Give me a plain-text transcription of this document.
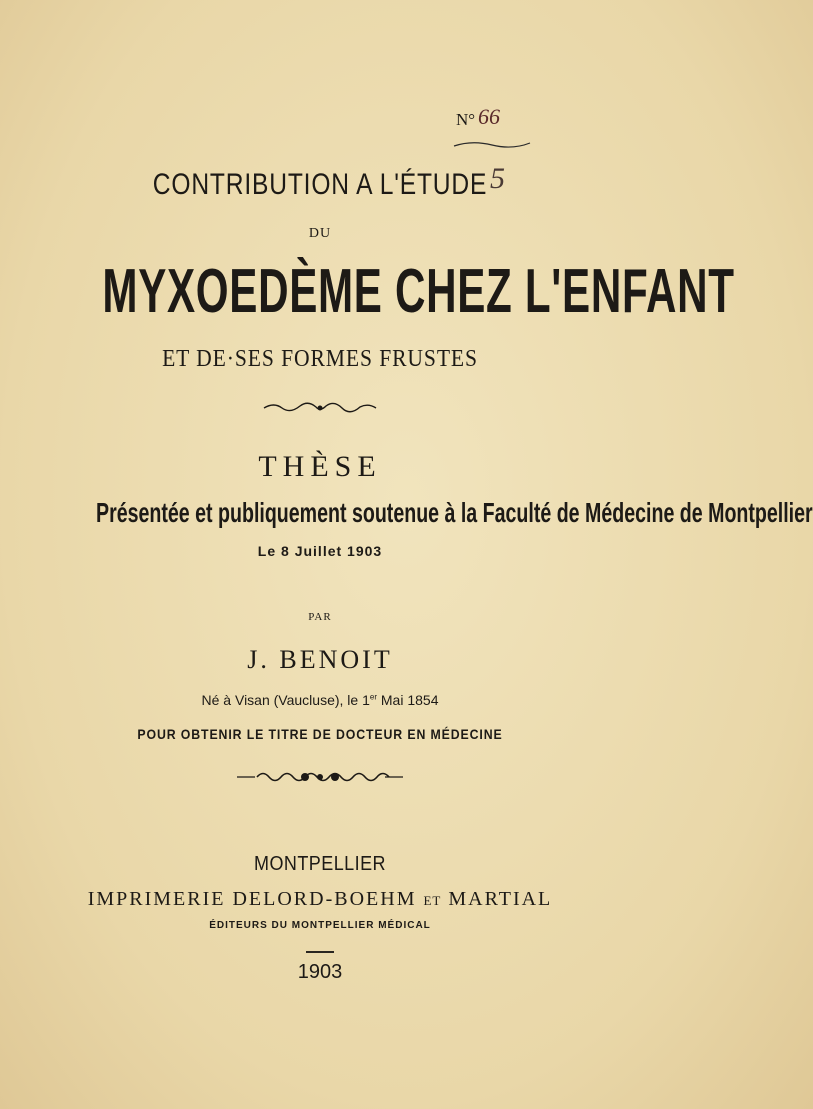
N° 66
5
CONTRIBUTION A L'ÉTUDE
DU
MYXOEDÈME CHEZ L'ENFANT
ET DE·SES FORMES FRUSTES
THÈSE
Présentée et publiquement soutenue à la Faculté de Médecine de Montpellier
Le 8 Juillet 1903
PAR
J. BENOIT
Né à Visan (Vaucluse), le 1er Mai 1854
POUR OBTENIR LE TITRE DE DOCTEUR EN MÉDECINE
MONTPELLIER
IMPRIMERIE DELORD-BOEHM ET MARTIAL
ÉDITEURS DU MONTPELLIER MÉDICAL
1903
